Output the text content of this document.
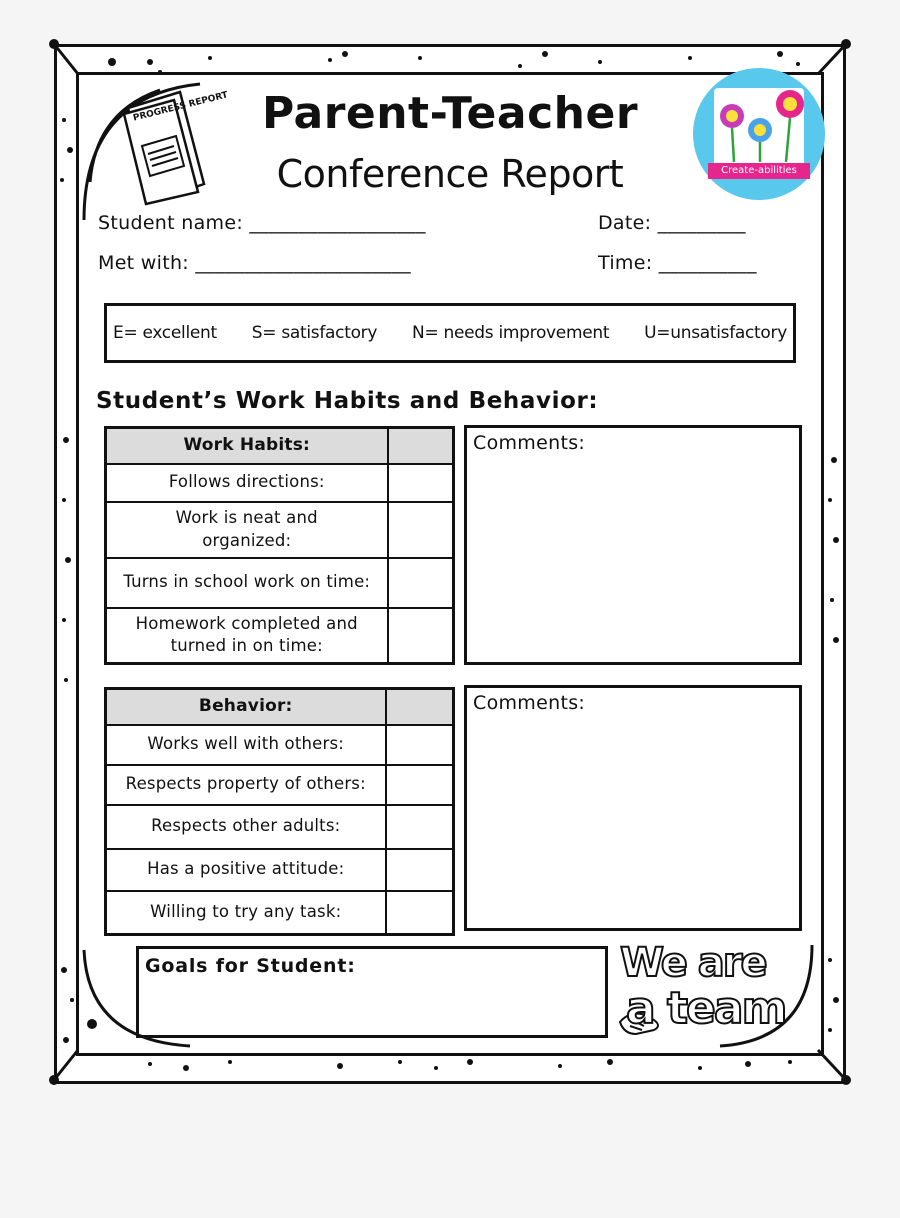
PROGRESS REPORT
Create-abilities
Parent-Teacher
Conference Report
Student name: __________________	Date: _________
Met with: ______________________	Time: __________
E= excellent S= satisfactory N= needs improvement U=unsatisfactory
Student’s Work Habits and Behavior:
Work Habits:	
Follows directions:	
Work is neat and organized:	
Turns in school work on time:	
Homework completed and turned in on time:	
Comments:
Behavior:	
Works well with others:	
Respects property of others:	
Respects other adults:	
Has a positive attitude:	
Willing to try any task:	
Comments:
Goals for Student:	We are
a team
